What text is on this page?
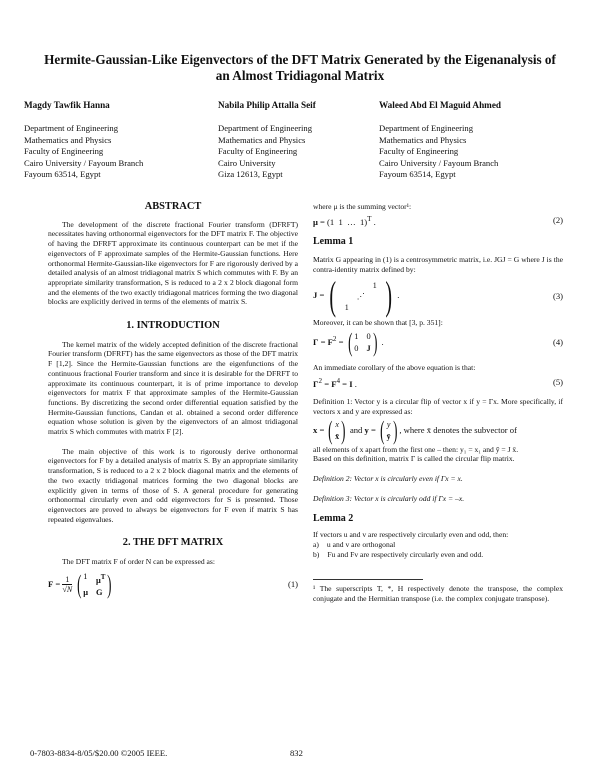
Hermite-Gaussian-Like Eigenvectors of the DFT Matrix Generated by the Eigenanalysis of an Almost Tridiagonal Matrix
Magdy Tawfik Hanna
Department of Engineering
Mathematics and Physics
Faculty of Engineering
Cairo University / Fayoum Branch
Fayoum 63514, Egypt
Nabila Philip Attalla Seif
Department of Engineering
Mathematics and Physics
Faculty of Engineering
Cairo University
Giza 12613, Egypt
Waleed Abd El Maguid Ahmed
Department of Engineering
Mathematics and Physics
Faculty of Engineering
Cairo University / Fayoum Branch
Fayoum 63514, Egypt
ABSTRACT

The development of the discrete fractional Fourier transform (DFRFT) necessitates having orthonormal eigenvectors for the DFT matrix F. The objective of having the DFRFT approximate its continuous counterpart can be met if the eigenvectors of F approximate samples of the Hermite-Gaussian functions. Here orthonormal Hermite-Gaussian-like eigenvectors for F are rigorously derived by a detailed analysis of an almost tridiagonal matrix S which commutes with F. By an appropriate similarity transformation, S is reduced to a 2 x 2 block diagonal form and the elements of the two exactly tridiagonal matrices forming the two diagonal blocks are explicitly derived in terms of the elements of matrix S.

1. INTRODUCTION

The kernel matrix of the widely accepted definition of the discrete fractional Fourier transform (DFRFT) has the same eigenvectors as those of the DFT matrix F [1,2]. Since the Hermite-Gaussian functions are the eigenfunctions of the continuous fractional Fourier transform and since it is desirable for the DFRFT to approximate its continuous counterpart, it is of prime importance to develop eigenvectors for matrix F that approximate samples of the Hermite-Gaussian functions. By discretizing the second order differential equation satisfied by the Hermite-Gaussian functions, Candan et al. obtained a second order difference equation whose solution is given by the eigenvectors of an almost tridiagonal matrix S which commutes with matrix F [2].

The main objective of this work is to rigorously derive orthonormal eigenvectors for F by a detailed analysis of matrix S. By an appropriate similarity transformation, S is reduced to a 2 x 2 block diagonal matrix and the elements of the two exactly tridiagonal matrices forming the two diagonal blocks are explicitly given in terms of those of S. A general procedure for generating orthonormal circularly even and odd eigenvectors for S is presented. Those eigenvectors are proved to always be eigenvectors for F even if matrix S has repeated eigenvalues.

2. THE DFT MATRIX

The DFT matrix F of order N can be expressed as:

$F = \frac{1}{√N}$
( 1 $\mu^T$
μ G )	(1)

where μ is the summing vector¹:

μ = (1  1  …  1)$^T$ .	(2)
Lemma 1

Matrix G appearing in (1) is a centrosymmetric matrix, i.e. JGJ = G where J is the contra-identity matrix defined by:

J = (	1
⋰
1 ) .	(3)

Moreover, it can be shown that [3, p. 351]:

$\Gamma = F^2$ = ( 1 0
0 J ) .	(4)

An immediate corollary of the above equation is that:

$\Gamma^2 = F^4 = I$ .	(5)

Definition 1: Vector y is a circular flip of vector x if y = Γx. More specifically, if vectors x and y are expressed as:

x = ( x
x̄ ) and y = ( y
ȳ ) , where x̄ denotes the subvector of

all elements of x apart from the first one – then: y₁ = x₁ and ȳ = J x̄.

Based on this definition, matrix Γ is called the circular flip matrix.

Definition 2: Vector x is circularly even if Γx = x.

Definition 3: Vector x is circularly odd if Γx = –x.

Lemma 2

If vectors u and v are respectively circularly even and odd, then:

a) u and v are orthogonal
b) Fu and Fv are respectively circularly even and odd.

¹ The superscripts T, *, H respectively denote the transpose, the complex conjugate and the Hermitian transpose (i.e. the complex conjugate transpose).

0-7803-8834-8/05/$20.00 ©2005 IEEE.	832
